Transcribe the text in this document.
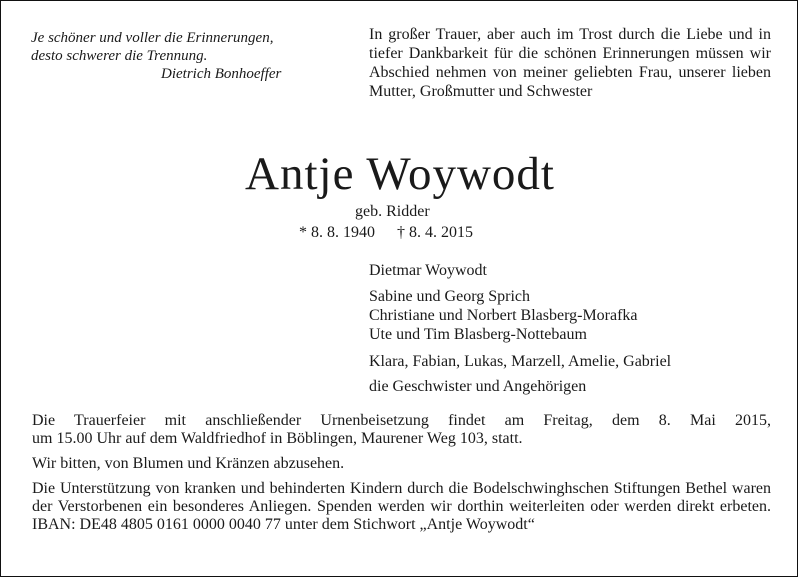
Je schöner und voller die Erinnerungen,
desto schwerer die Trennung.
Dietrich Bonhoeffer
In großer Trauer, aber auch im Trost durch die Liebe und in tiefer Dankbarkeit für die schönen Erinnerungen müssen wir Abschied nehmen von meiner geliebten Frau, unserer lieben Mutter, Großmutter und Schwester
Antje Woywodt
geb. Ridder
* 8. 8. 1940 † 8. 4. 2015
Dietmar Woywodt
Sabine und Georg Sprich
Christiane und Norbert Blasberg-Morafka
Ute und Tim Blasberg-Nottebaum
Klara, Fabian, Lukas, Marzell, Amelie, Gabriel
die Geschwister und Angehörigen

Die Trauerfeier mit anschließender Urnenbeisetzung findet am Freitag, dem 8. Mai 2015,
um 15.00 Uhr auf dem Waldfriedhof in Böblingen, Maurener Weg 103, statt.

Wir bitten, von Blumen und Kränzen abzusehen.

Die Unterstützung von kranken und behinderten Kindern durch die Bodelschwinghschen Stiftungen Bethel waren der Verstorbenen ein besonderes Anliegen. Spenden werden wir dorthin weiterleiten oder werden direkt erbeten. IBAN: DE48 4805 0161 0000 0040 77 unter dem Stichwort „Antje Woywodt“
